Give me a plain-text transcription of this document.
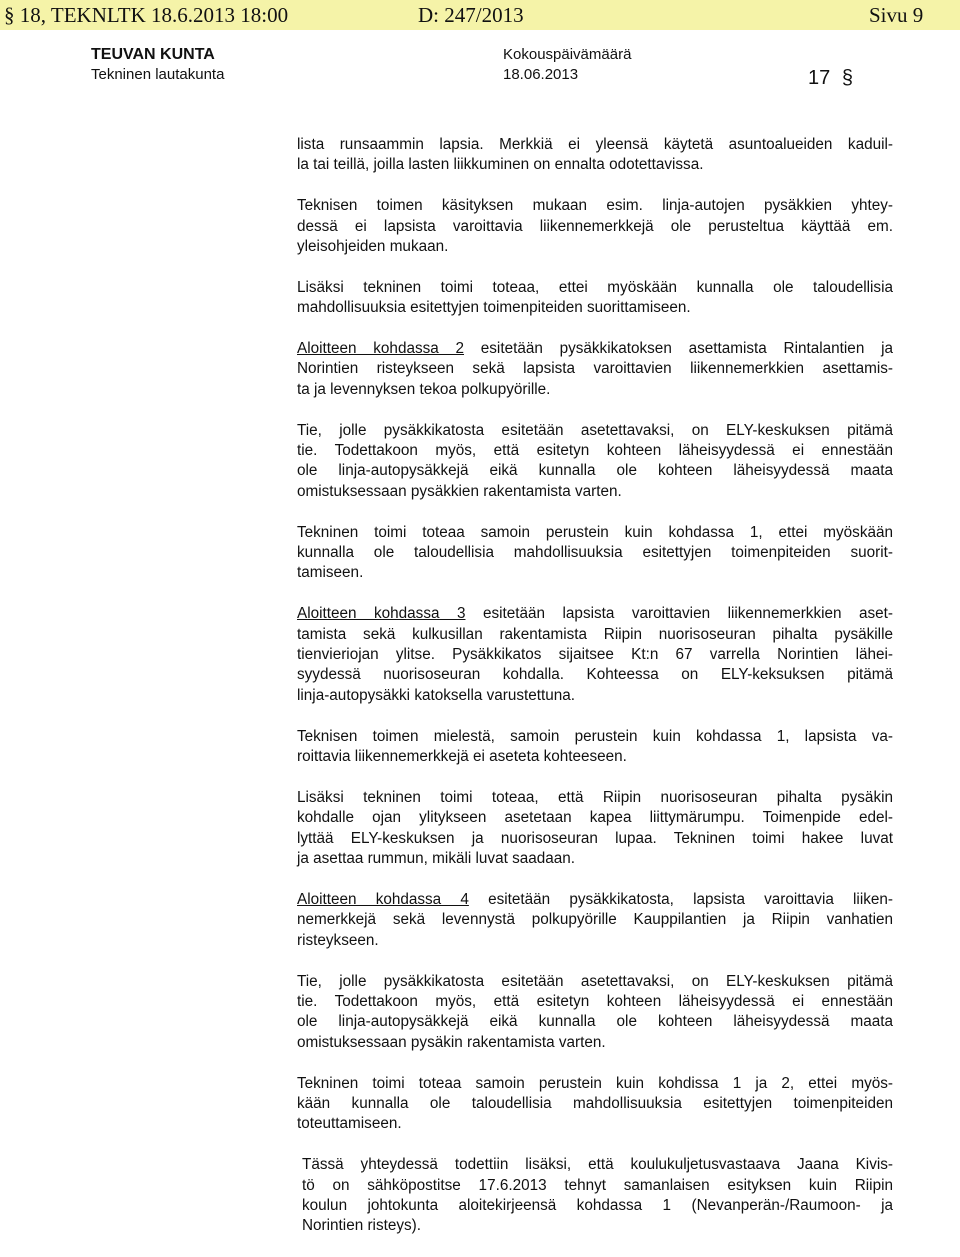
§ 18, TEKNLTK 18.6.2013 18:00	D: 247/2013	Sivu 9
TEUVAN KUNTA
Tekninen lautakunta
Kokouspäivämäärä
18.06.2013	17 §
lista runsaammin lapsia. Merkkiä ei yleensä käytetä asuntoalueiden kaduil-
la tai teillä, joilla lasten liikkuminen on ennalta odotettavissa.
Teknisen toimen käsityksen mukaan esim. linja-autojen pysäkkien yhtey-
dessä ei lapsista varoittavia liikennemerkkejä ole perusteltua käyttää em.
yleisohjeiden mukaan.
Lisäksi tekninen toimi toteaa, ettei myöskään kunnalla ole taloudellisia
mahdollisuuksia esitettyjen toimenpiteiden suorittamiseen.
Aloitteen kohdassa 2 esitetään pysäkkikatoksen asettamista Rintalantien ja
Norintien risteykseen sekä lapsista varoittavien liikennemerkkien asettamis-
ta ja levennyksen tekoa polkupyörille.
Tie, jolle pysäkkikatosta esitetään asetettavaksi, on ELY-keskuksen pitämä
tie. Todettakoon myös, että esitetyn kohteen läheisyydessä ei ennestään
ole linja-autopysäkkejä eikä kunnalla ole kohteen läheisyydessä maata
omistuksessaan pysäkkien rakentamista varten.
Tekninen toimi toteaa samoin perustein kuin kohdassa 1, ettei myöskään
kunnalla ole taloudellisia mahdollisuuksia esitettyjen toimenpiteiden suorit-
tamiseen.
Aloitteen kohdassa 3 esitetään lapsista varoittavien liikennemerkkien aset-
tamista sekä kulkusillan rakentamista Riipin nuorisoseuran pihalta pysäkille
tienvieriojan ylitse. Pysäkkikatos sijaitsee Kt:n 67 varrella Norintien lähei-
syydessä nuorisoseuran kohdalla. Kohteessa on ELY-keksuksen pitämä
linja-autopysäkki katoksella varustettuna.
Teknisen toimen mielestä, samoin perustein kuin kohdassa 1, lapsista va-
roittavia liikennemerkkejä ei aseteta kohteeseen.
Lisäksi tekninen toimi toteaa, että Riipin nuorisoseuran pihalta pysäkin
kohdalle ojan ylitykseen asetetaan kapea liittymärumpu. Toimenpide edel-
lyttää ELY-keskuksen ja nuorisoseuran lupaa. Tekninen toimi hakee luvat
ja asettaa rummun, mikäli luvat saadaan.
Aloitteen kohdassa 4 esitetään pysäkkikatosta, lapsista varoittavia liiken-
nemerkkejä sekä levennystä polkupyörille Kauppilantien ja Riipin vanhatien
risteykseen.
Tie, jolle pysäkkikatosta esitetään asetettavaksi, on ELY-keskuksen pitämä
tie. Todettakoon myös, että esitetyn kohteen läheisyydessä ei ennestään
ole linja-autopysäkkejä eikä kunnalla ole kohteen läheisyydessä maata
omistuksessaan pysäkin rakentamista varten.
Tekninen toimi toteaa samoin perustein kuin kohdissa 1 ja 2, ettei myös-
kään kunnalla ole taloudellisia mahdollisuuksia esitettyjen toimenpiteiden
toteuttamiseen.
Tässä yhteydessä todettiin lisäksi, että koulukuljetusvastaava Jaana Kivis-
tö on sähköpostitse 17.6.2013 tehnyt samanlaisen esityksen kuin Riipin
koulun johtokunta aloitekirjeensä kohdassa 1 (Nevanperän-/Raumoon- ja
Norintien risteys).
